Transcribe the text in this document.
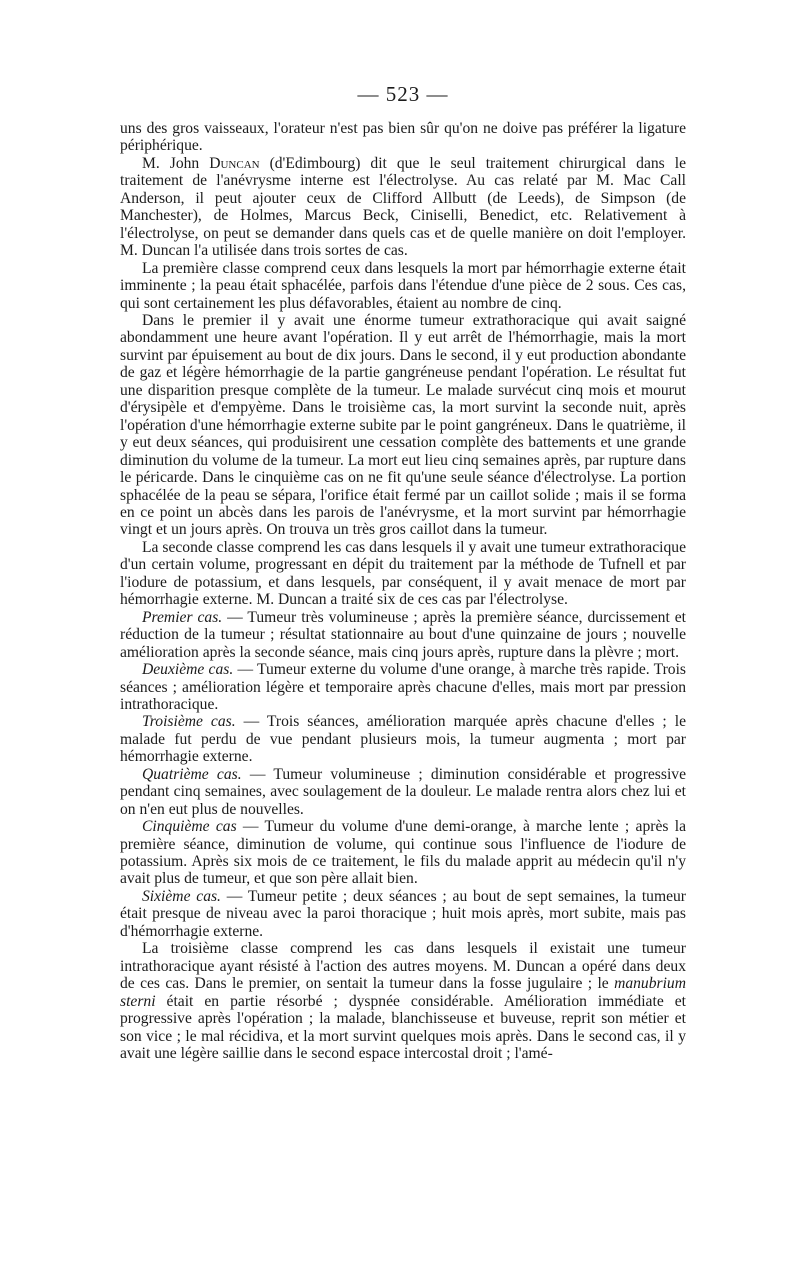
— 523 —

uns des gros vaisseaux, l'orateur n'est pas bien sûr qu'on ne doive pas préférer la ligature périphérique.

M. John Duncan (d'Edimbourg) dit que le seul traitement chirurgical dans le traitement de l'anévrysme interne est l'électrolyse. Au cas relaté par M. Mac Call Anderson, il peut ajouter ceux de Clifford Allbutt (de Leeds), de Simpson (de Manchester), de Holmes, Marcus Beck, Ciniselli, Benedict, etc. Relativement à l'électrolyse, on peut se demander dans quels cas et de quelle manière on doit l'employer. M. Duncan l'a utilisée dans trois sortes de cas.

La première classe comprend ceux dans lesquels la mort par hémorrhagie externe était imminente ; la peau était sphacélée, parfois dans l'étendue d'une pièce de 2 sous. Ces cas, qui sont certainement les plus défavorables, étaient au nombre de cinq.

Dans le premier il y avait une énorme tumeur extrathoracique qui avait saigné abondamment une heure avant l'opération. Il y eut arrêt de l'hémorrhagie, mais la mort survint par épuisement au bout de dix jours. Dans le second, il y eut production abondante de gaz et légère hémorrhagie de la partie gangréneuse pendant l'opération. Le résultat fut une disparition presque complète de la tumeur. Le malade survécut cinq mois et mourut d'érysipèle et d'empyème. Dans le troisième cas, la mort survint la seconde nuit, après l'opération d'une hémorrhagie externe subite par le point gangréneux. Dans le quatrième, il y eut deux séances, qui produisirent une cessation complète des battements et une grande diminution du volume de la tumeur. La mort eut lieu cinq semaines après, par rupture dans le péricarde. Dans le cinquième cas on ne fit qu'une seule séance d'électrolyse. La portion sphacélée de la peau se sépara, l'orifice était fermé par un caillot solide ; mais il se forma en ce point un abcès dans les parois de l'anévrysme, et la mort survint par hémorrhagie vingt et un jours après. On trouva un très gros caillot dans la tumeur.

La seconde classe comprend les cas dans lesquels il y avait une tumeur extrathoracique d'un certain volume, progressant en dépit du traitement par la méthode de Tufnell et par l'iodure de potassium, et dans lesquels, par conséquent, il y avait menace de mort par hémorrhagie externe. M. Duncan a traité six de ces cas par l'électrolyse.

Premier cas. — Tumeur très volumineuse ; après la première séance, durcissement et réduction de la tumeur ; résultat stationnaire au bout d'une quinzaine de jours ; nouvelle amélioration après la seconde séance, mais cinq jours après, rupture dans la plèvre ; mort.

Deuxième cas. — Tumeur externe du volume d'une orange, à marche très rapide. Trois séances ; amélioration légère et temporaire après chacune d'elles, mais mort par pression intrathoracique.

Troisième cas. — Trois séances, amélioration marquée après chacune d'elles ; le malade fut perdu de vue pendant plusieurs mois, la tumeur augmenta ; mort par hémorrhagie externe.

Quatrième cas. — Tumeur volumineuse ; diminution considérable et progressive pendant cinq semaines, avec soulagement de la douleur. Le malade rentra alors chez lui et on n'en eut plus de nouvelles.

Cinquième cas — Tumeur du volume d'une demi-orange, à marche lente ; après la première séance, diminution de volume, qui continue sous l'influence de l'iodure de potassium. Après six mois de ce traitement, le fils du malade apprit au médecin qu'il n'y avait plus de tumeur, et que son père allait bien.

Sixième cas. — Tumeur petite ; deux séances ; au bout de sept semaines, la tumeur était presque de niveau avec la paroi thoracique ; huit mois après, mort subite, mais pas d'hémorrhagie externe.

La troisième classe comprend les cas dans lesquels il existait une tumeur intrathoracique ayant résisté à l'action des autres moyens. M. Duncan a opéré dans deux de ces cas. Dans le premier, on sentait la tumeur dans la fosse jugulaire ; le manubrium sterni était en partie résorbé ; dyspnée considérable. Amélioration immédiate et progressive après l'opération ; la malade, blanchisseuse et buveuse, reprit son métier et son vice ; le mal récidiva, et la mort survint quelques mois après. Dans le second cas, il y avait une légère saillie dans le second espace intercostal droit ; l'amé-
